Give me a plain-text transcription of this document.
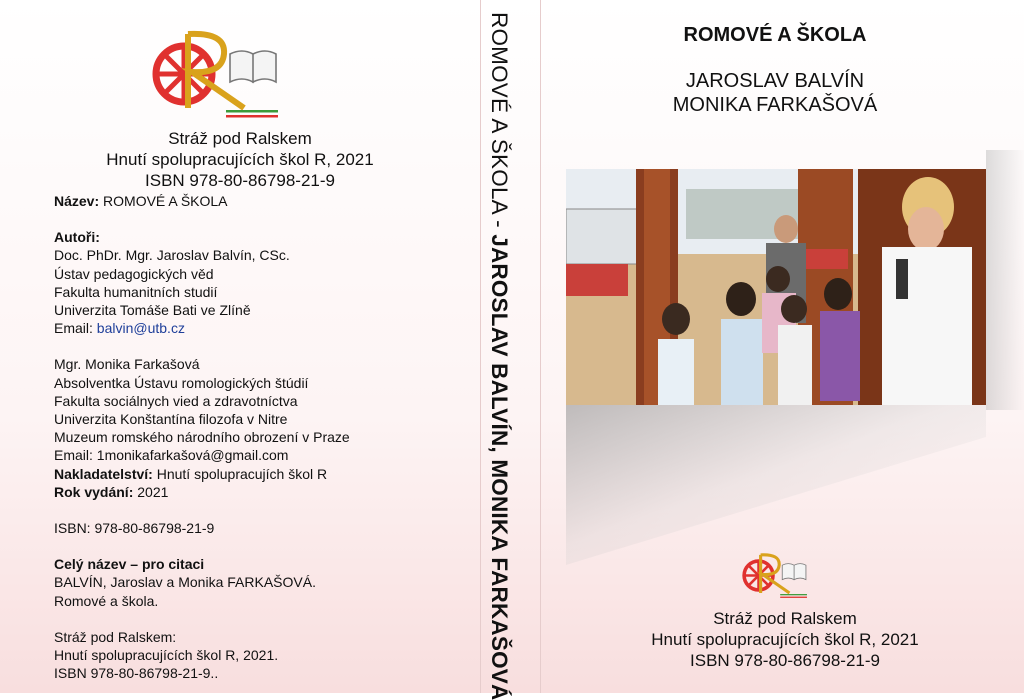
Stráž pod Ralskem
Hnutí spolupracujících škol R, 2021
ISBN 978-80-86798-21-9
Název: ROMOVÉ A ŠKOLA
Autoři:
Doc. PhDr. Mgr. Jaroslav Balvín, CSc.
Ústav pedagogických věd
Fakulta humanitních studií
Univerzita Tomáše Bati ve Zlíně
Email: balvin@utb.cz
Mgr. Monika Farkašová
Absolventka Ústavu romologických štúdií
Fakulta sociálnych vied a zdravotníctva
Univerzita Konštantína filozofa v Nitre
Muzeum romského národního obrození v Praze
Email: 1monikafarkašová@gmail.com
Nakladatelství: Hnutí spolupracujích škol R
Rok vydání: 2021
ISBN: 978-80-86798-21-9
Celý název – pro citaci
BALVÍN, Jaroslav a Monika FARKAŠOVÁ.
Romové a škola.
Stráž pod Ralskem:
Hnutí spolupracujících škol R, 2021.
ISBN 978-80-86798-21-9..
ROMOVÉ A ŠKOLA - JAROSLAV BALVÍN, MONIKA FARKAŠOVÁ
ROMOVÉ A ŠKOLA
JAROSLAV BALVÍN
MONIKA FARKAŠOVÁ
Stráž pod Ralskem
Hnutí spolupracujících škol R, 2021
ISBN 978-80-86798-21-9
